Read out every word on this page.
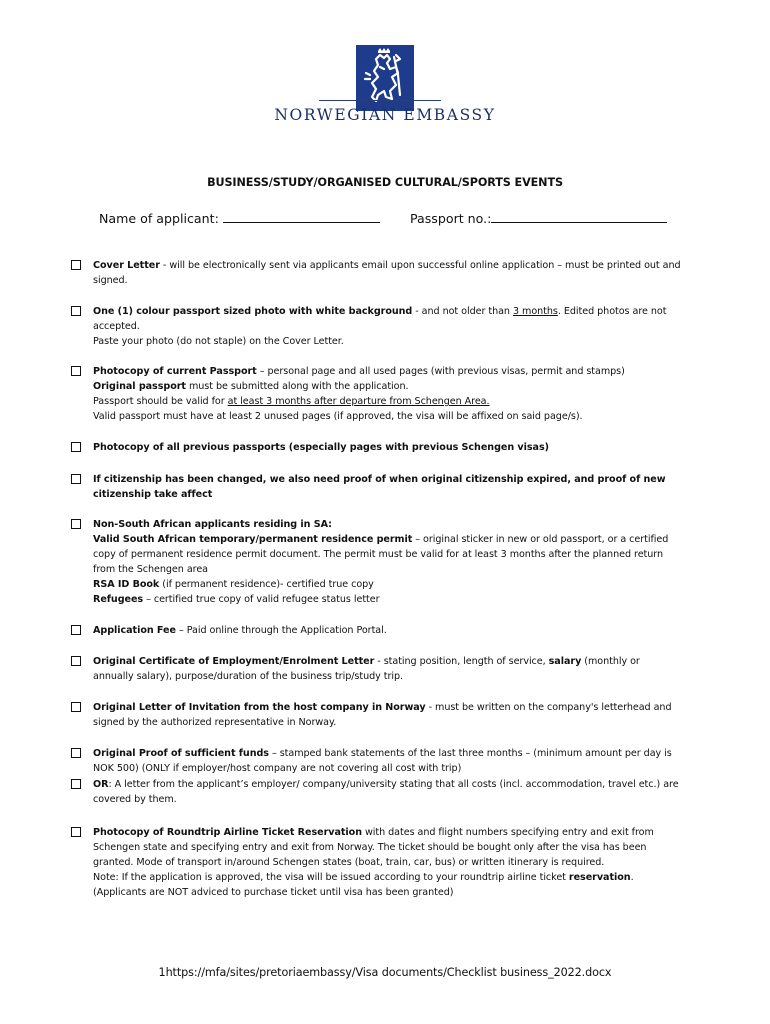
NORWEGIAN EMBASSY
BUSINESS/STUDY/ORGANISED CULTURAL/SPORTS EVENTS
Name of applicant:	Passport no.:
Cover Letter - will be electronically sent via applicants email upon successful online application – must be printed out and signed.
One (1) colour passport sized photo with white background - and not older than 3 months. Edited photos are not accepted.
Paste your photo (do not staple) on the Cover Letter.
Photocopy of current Passport – personal page and all used pages (with previous visas, permit and stamps)
Original passport must be submitted along with the application.
Passport should be valid for at least 3 months after departure from Schengen Area.
Valid passport must have at least 2 unused pages (if approved, the visa will be affixed on said page/s).
Photocopy of all previous passports (especially pages with previous Schengen visas)
If citizenship has been changed, we also need proof of when original citizenship expired, and proof of new citizenship take affect
Non-South African applicants residing in SA:
Valid South African temporary/permanent residence permit – original sticker in new or old passport, or a certified copy of permanent residence permit document. The permit must be valid for at least 3 months after the planned return from the Schengen area
RSA ID Book (if permanent residence)- certified true copy
Refugees – certified true copy of valid refugee status letter
Application Fee – Paid online through the Application Portal.
Original Certificate of Employment/Enrolment Letter - stating position, length of service, salary (monthly or annually salary), purpose/duration of the business trip/study trip.
Original Letter of Invitation from the host company in Norway - must be written on the company's letterhead and signed by the authorized representative in Norway.
Original Proof of sufficient funds – stamped bank statements of the last three months – (minimum amount per day is NOK 500) (ONLY if employer/host company are not covering all cost with trip)
OR: A letter from the applicant’s employer/ company/university stating that all costs (incl. accommodation, travel etc.) are covered by them.
Photocopy of Roundtrip Airline Ticket Reservation with dates and flight numbers specifying entry and exit from Schengen state and specifying entry and exit from Norway. The ticket should be bought only after the visa has been granted. Mode of transport in/around Schengen states (boat, train, car, bus) or written itinerary is required.
Note: If the application is approved, the visa will be issued according to your roundtrip airline ticket reservation. (Applicants are NOT adviced to purchase ticket until visa has been granted)
1https://mfa/sites/pretoriaembassy/Visa documents/Checklist business_2022.docx
